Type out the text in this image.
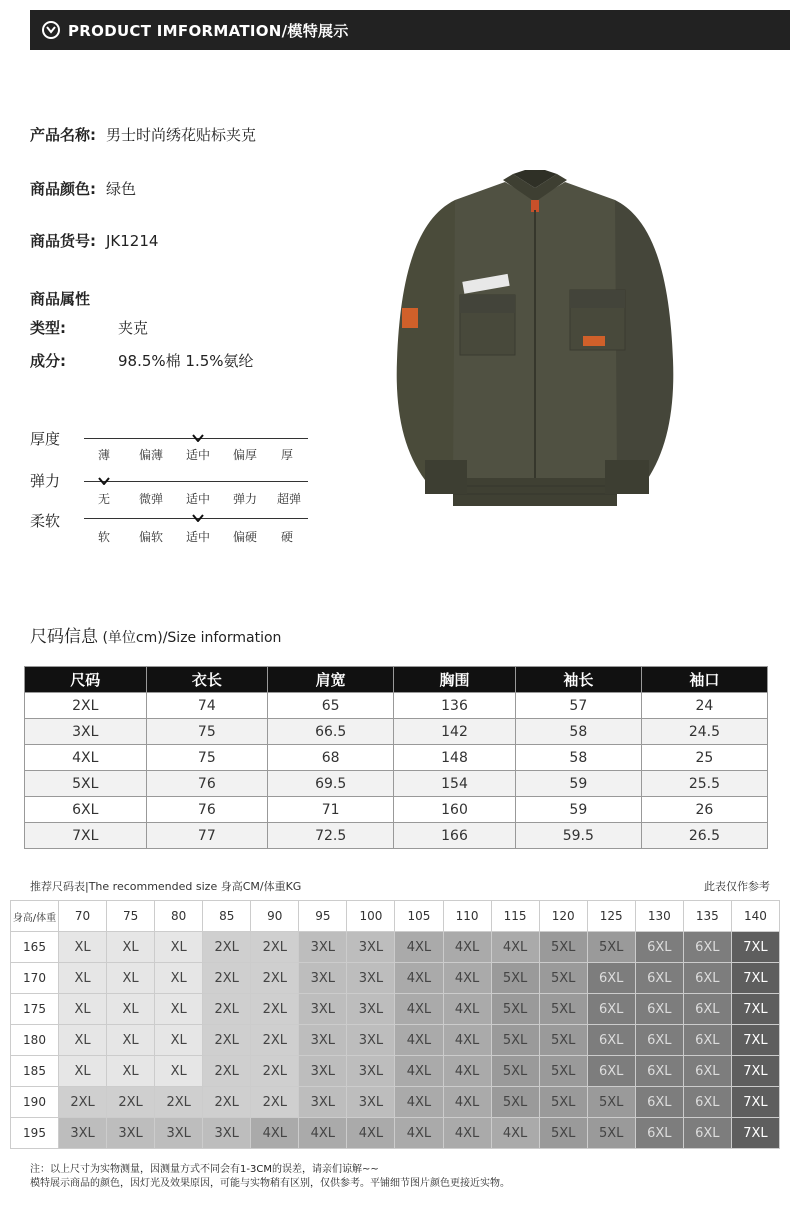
PRODUCT IMFORMATION/模特展示
产品名称: 男士时尚绣花贴标夹克
商品颜色: 绿色
商品货号: JK1214
商品属性
类型:	夹克
成分:	98.5%棉 1.5%氨纶
厚度
薄	偏薄	适中	偏厚	厚
弹力
无	微弹	适中	弹力	超弹
柔软
软	偏软	适中	偏硬	硬
尺码信息 (单位cm)/Size information
尺码	衣长	肩宽	胸围	袖长	袖口
2XL	74	65	136	57	24
3XL	75	66.5	142	58	24.5
4XL	75	68	148	58	25
5XL	76	69.5	154	59	25.5
6XL	76	71	160	59	26
7XL	77	72.5	166	59.5	26.5
推荐尺码表|The recommended size 身高CM/体重KG	此表仅作参考
身高/体重	70	75	80	85	90	95	100	105	110	115	120	125	130	135	140
165	XL	XL	XL	2XL	2XL	3XL	3XL	4XL	4XL	4XL	5XL	5XL	6XL	6XL	7XL
170	XL	XL	XL	2XL	2XL	3XL	3XL	4XL	4XL	5XL	5XL	6XL	6XL	6XL	7XL
175	XL	XL	XL	2XL	2XL	3XL	3XL	4XL	4XL	5XL	5XL	6XL	6XL	6XL	7XL
180	XL	XL	XL	2XL	2XL	3XL	3XL	4XL	4XL	5XL	5XL	6XL	6XL	6XL	7XL
185	XL	XL	XL	2XL	2XL	3XL	3XL	4XL	4XL	5XL	5XL	6XL	6XL	6XL	7XL
190	2XL	2XL	2XL	2XL	2XL	3XL	3XL	4XL	4XL	5XL	5XL	5XL	6XL	6XL	7XL
195	3XL	3XL	3XL	3XL	4XL	4XL	4XL	4XL	4XL	4XL	5XL	5XL	6XL	6XL	7XL
注：以上尺寸为实物测量，因测量方式不同会有1-3CM的误差，请亲们谅解~~
模特展示商品的颜色，因灯光及效果原因，可能与实物稍有区别，仅供参考。平铺细节图片颜色更接近实物。
